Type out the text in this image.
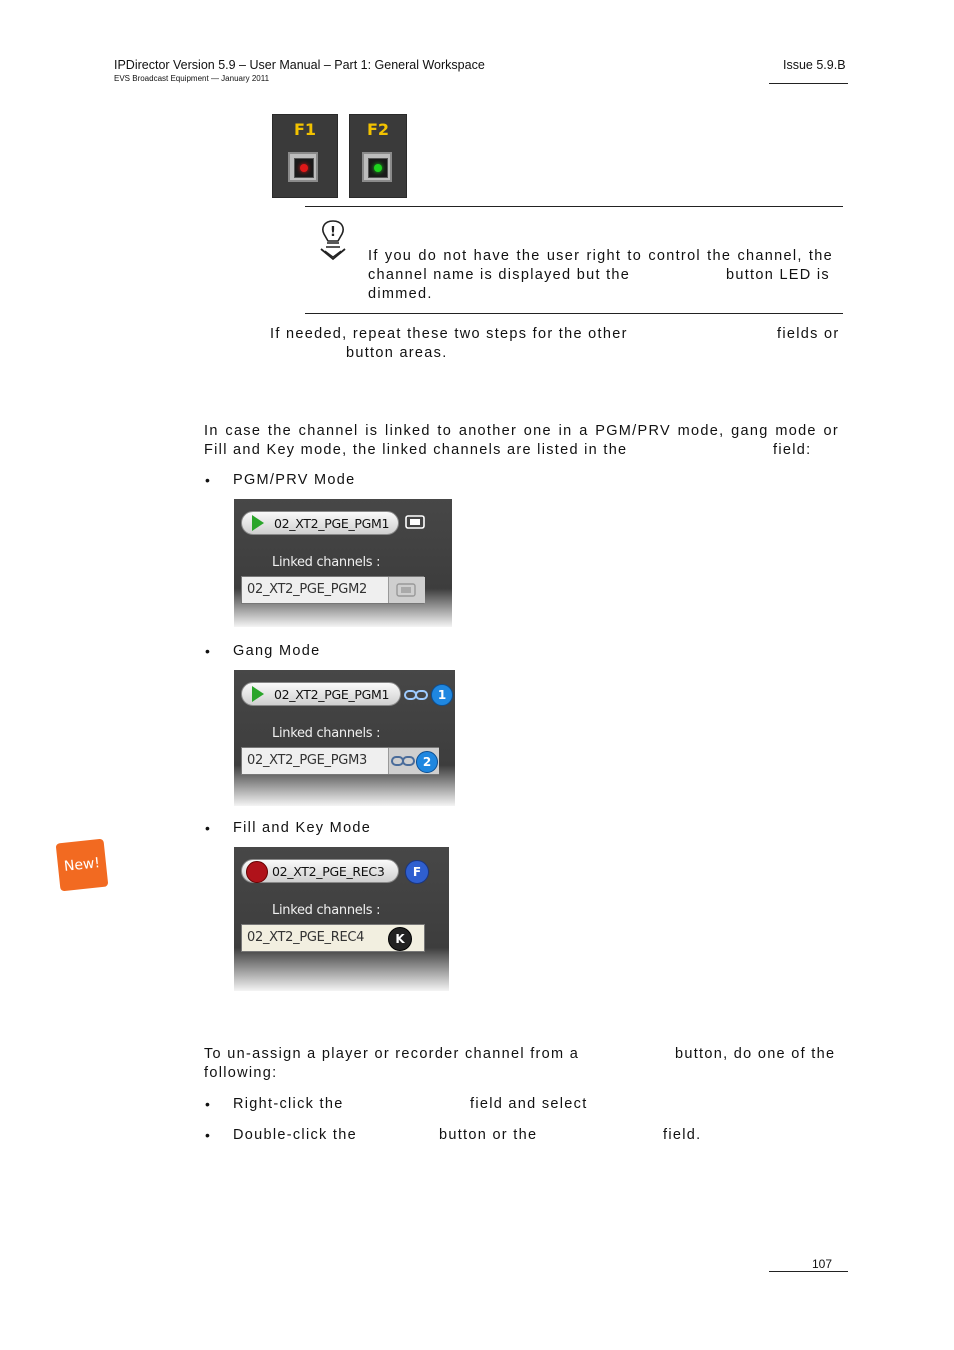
IPDirector Version 5.9 – User Manual – Part 1: General Workspace
EVS Broadcast Equipment — January 2011
Issue 5.9.B
F1	F2
!
If you do not have the user right to control the channel, the
channel name is displayed but the	button LED is
dimmed.
If needed, repeat these two steps for the other	fields or
button areas.
In case the channel is linked to another one in a PGM/PRV mode, gang mode or
Fill and Key mode, the linked channels are listed in the	field:
• PGM/PRV Mode
02_XT2_PGE_PGM1
Linked channels :
02_XT2_PGE_PGM2
• Gang Mode
02_XT2_PGE_PGM1	1
Linked channels :
02_XT2_PGE_PGM3	2
• Fill and Key Mode
New!	02_XT2_PGE_REC3	F
Linked channels :
02_XT2_PGE_REC4	K
To un-assign a player or recorder channel from a	button, do one of the
following:
• Right-click the	field and select
• Double-click the	button or the	field.
107
